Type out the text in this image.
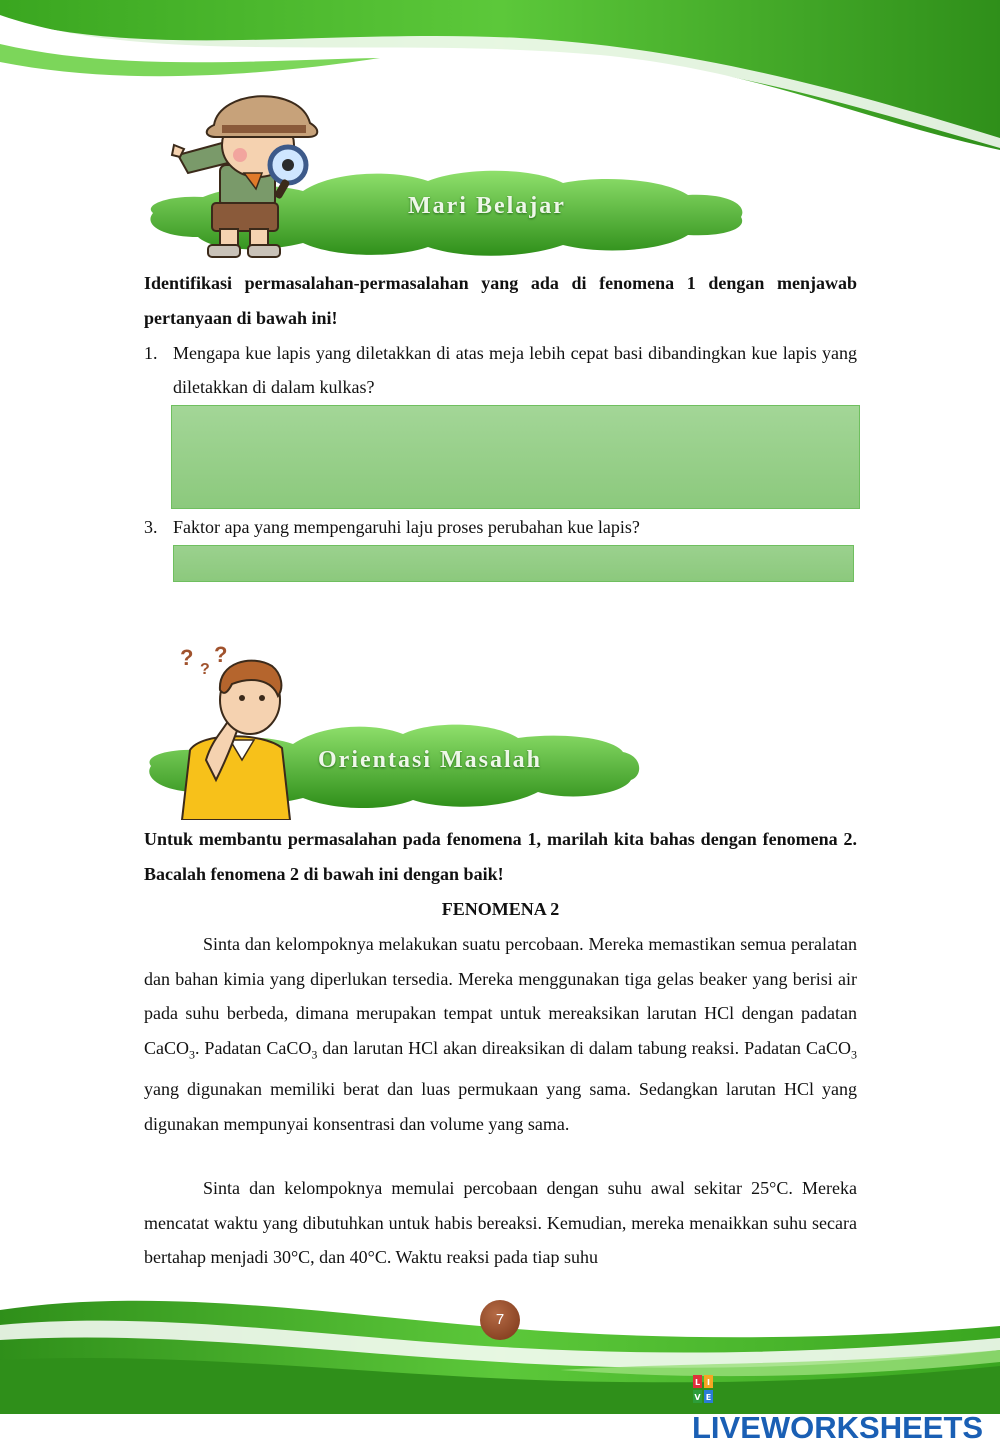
Mari Belajar
Identifikasi permasalahan-permasalahan yang ada di fenomena 1 dengan menjawab pertanyaan di bawah ini!
1. Mengapa kue lapis yang diletakkan di atas meja lebih cepat basi dibandingkan kue lapis yang diletakkan di dalam kulkas?
3. Faktor apa yang mempengaruhi laju proses perubahan kue lapis?
Orientasi Masalah
? ?
?
Untuk membantu permasalahan pada fenomena 1, marilah kita bahas dengan fenomena 2. Bacalah fenomena 2 di bawah ini dengan baik!
FENOMENA 2
Sinta dan kelompoknya melakukan suatu percobaan. Mereka memastikan semua peralatan dan bahan kimia yang diperlukan tersedia. Mereka menggunakan tiga gelas beaker yang berisi air pada suhu berbeda, dimana merupakan tempat untuk mereaksikan larutan HCl dengan padatan CaCO$_3$. Padatan CaCO$_3$ dan larutan HCl akan direaksikan di dalam tabung reaksi. Padatan CaCO$_3$ yang digunakan memiliki berat dan luas permukaan yang sama. Sedangkan larutan HCl yang digunakan mempunyai konsentrasi dan volume yang sama.
Sinta dan kelompoknya memulai percobaan dengan suhu awal sekitar 25°C. Mereka mencatat waktu yang dibutuhkan untuk habis bereaksi. Kemudian, mereka menaikkan suhu secara bertahap menjadi 30°C, dan 40°C. Waktu reaksi pada tiap suhu
7
L I
V E
LIVEWORKSHEETS
